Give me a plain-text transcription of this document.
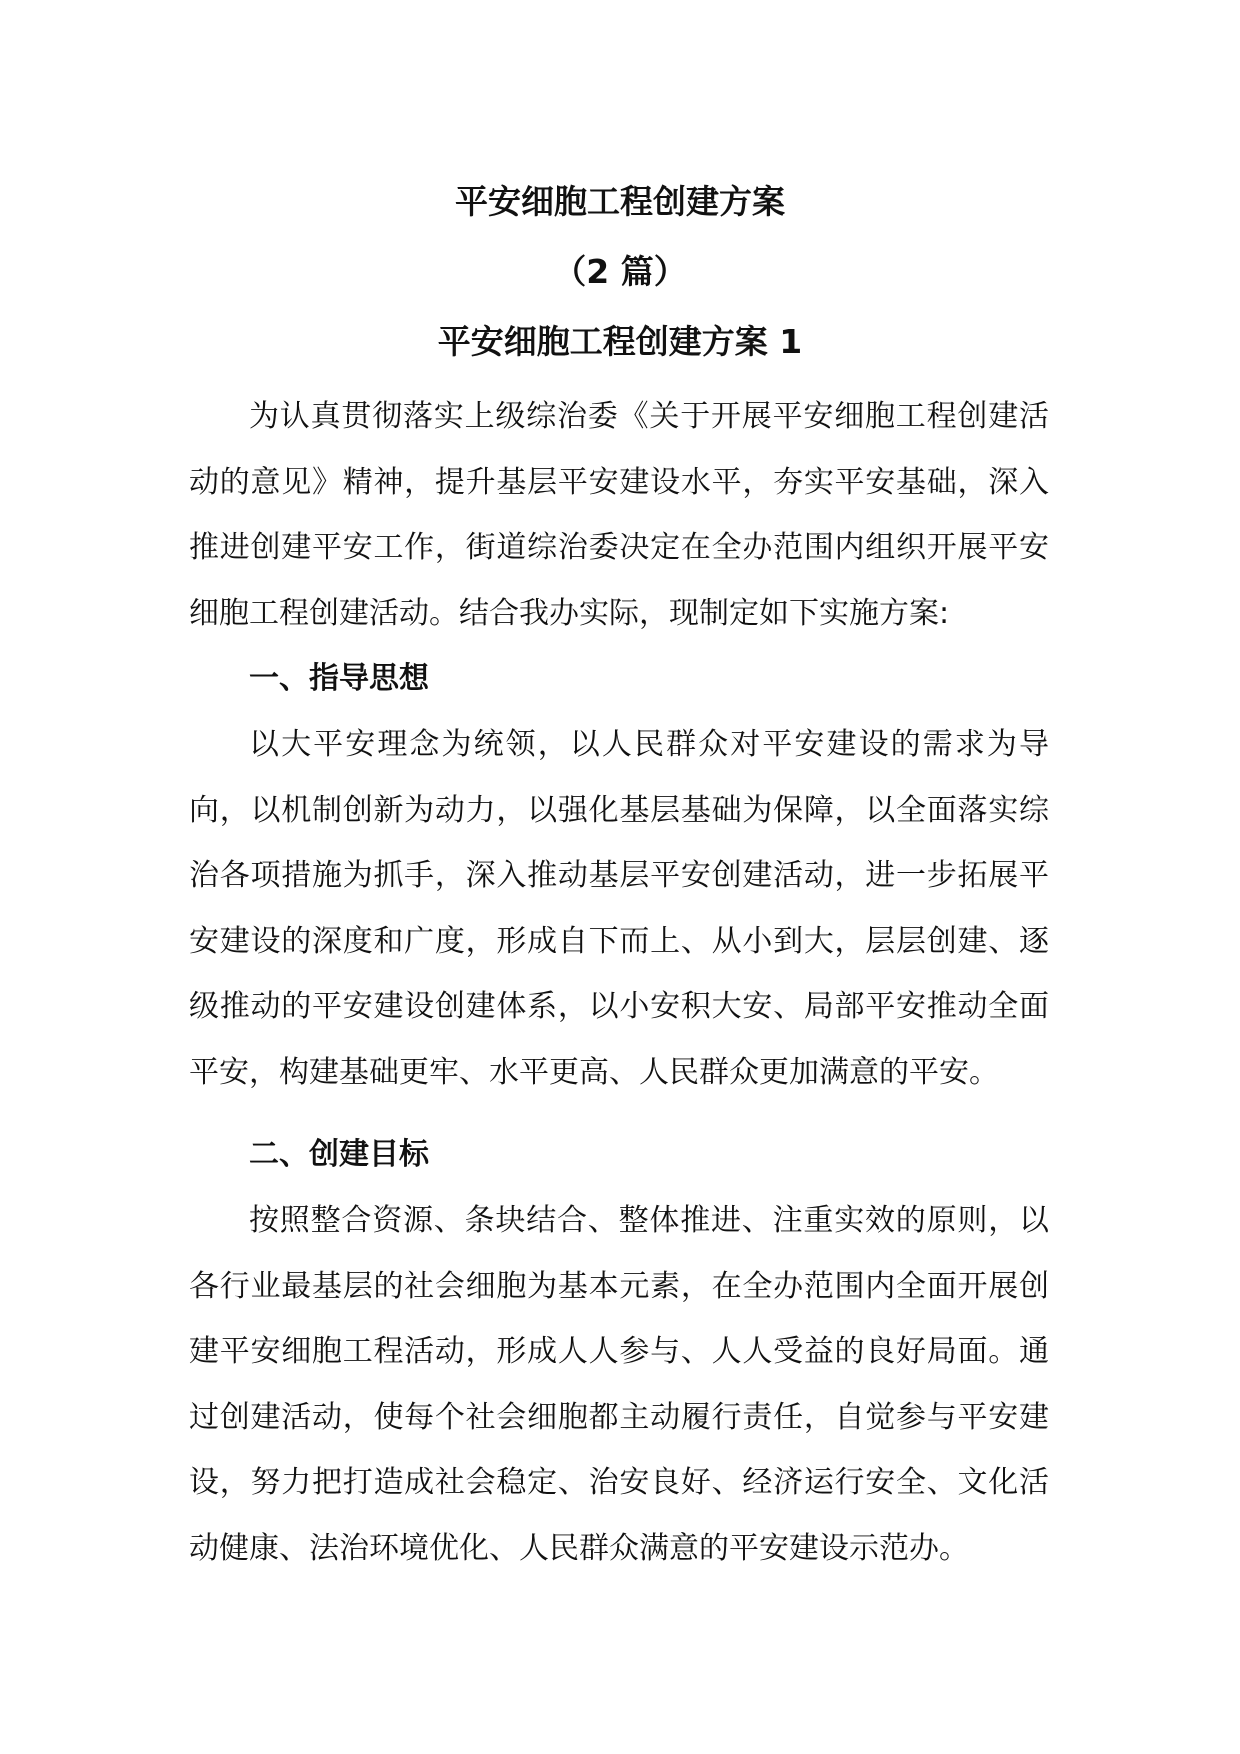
平安细胞工程创建方案
（2 篇）
平安细胞工程创建方案 1

为认真贯彻落实上级综治委《关于开展平安细胞工程创建活动的意见》精神，提升基层平安建设水平，夯实平安基础，深入推进创建平安工作，街道综治委决定在全办范围内组织开展平安细胞工程创建活动。结合我办实际，现制定如下实施方案:

一、指导思想

以大平安理念为统领，以人民群众对平安建设的需求为导向，以机制创新为动力，以强化基层基础为保障，以全面落实综治各项措施为抓手，深入推动基层平安创建活动，进一步拓展平安建设的深度和广度，形成自下而上、从小到大，层层创建、逐级推动的平安建设创建体系，以小安积大安、局部平安推动全面平安，构建基础更牢、水平更高、人民群众更加满意的平安。

二、创建目标

按照整合资源、条块结合、整体推进、注重实效的原则，以各行业最基层的社会细胞为基本元素，在全办范围内全面开展创建平安细胞工程活动，形成人人参与、人人受益的良好局面。通过创建活动，使每个社会细胞都主动履行责任，自觉参与平安建设，努力把打造成社会稳定、治安良好、经济运行安全、文化活动健康、法治环境优化、人民群众满意的平安建设示范办。
